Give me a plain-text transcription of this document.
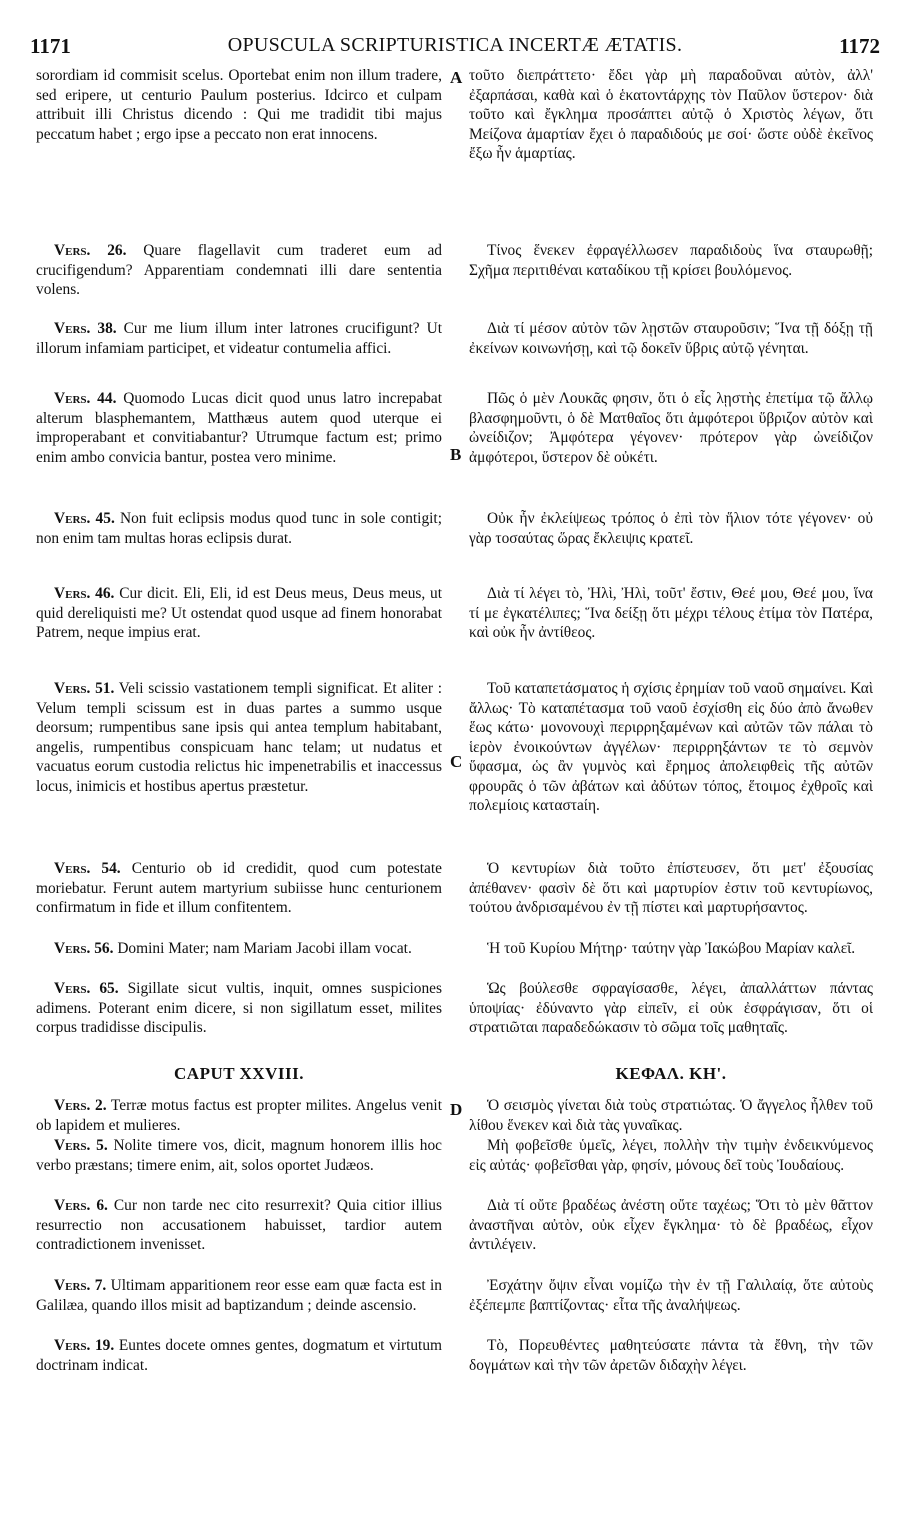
1171	OPUSCULA SCRIPTURISTICA INCERTÆ ÆTATIS.	1172
A
B
C
D

sorordiam id commisit scelus. Oportebat enim non illum tradere, sed eripere, ut centurio Paulum posterius. Idcirco et culpam attribuit illi Christus dicendo : Qui me tradidit tibi majus peccatum habet ; ergo ipse a peccato non erat innocens.

Vers. 26. Quare flagellavit cum traderet eum ad crucifigendum? Apparentiam condemnati illi dare sententia volens.

Vers. 38. Cur me lium illum inter latrones crucifigunt? Ut illorum infamiam participet, et videatur contumelia affici.

Vers. 44. Quomodo Lucas dicit quod unus latro increpabat alterum blasphemantem, Matthæus autem quod uterque ei improperabant et convitiabantur? Utrumque factum est; primo enim ambo convicia bantur, postea vero minime.

Vers. 45. Non fuit eclipsis modus quod tunc in sole contigit; non enim tam multas horas eclipsis durat.

Vers. 46. Cur dicit. Eli, Eli, id est Deus meus, Deus meus, ut quid dereliquisti me? Ut ostendat quod usque ad finem honorabat Patrem, neque impius erat.

Vers. 51. Veli scissio vastationem templi significat. Et aliter : Velum templi scissum est in duas partes a summo usque deorsum; rumpentibus sane ipsis qui antea templum habitabant, angelis, rumpentibus conspicuam hanc telam; ut nudatus et vacuatus eorum custodia relictus hic impenetrabilis et inaccessus locus, inimicis et hostibus apertus præstetur.

Vers. 54. Centurio ob id credidit, quod cum potestate moriebatur. Ferunt autem martyrium subiisse hunc centurionem confirmatum in fide et illum confitentem.

Vers. 56. Domini Mater; nam Mariam Jacobi illam vocat.

Vers. 65. Sigillate sicut vultis, inquit, omnes suspiciones adimens. Poterant enim dicere, si non sigillatum esset, milites corpus tradidisse discipulis.

CAPUT XXVIII.

Vers. 2. Terræ motus factus est propter milites. Angelus venit ob lapidem et mulieres.

Vers. 5. Nolite timere vos, dicit, magnum honorem illis hoc verbo præstans; timere enim, ait, solos oportet Judæos.

Vers. 6. Cur non tarde nec cito resurrexit? Quia citior illius resurrectio non accusationem habuisset, tardior autem contradictionem invenisset.

Vers. 7. Ultimam apparitionem reor esse eam quæ facta est in Galilæa, quando illos misit ad baptizandum ; deinde ascensio.

Vers. 19. Euntes docete omnes gentes, dogmatum et virtutum doctrinam indicat.

τοῦτο διεπράττετο· ἔδει γὰρ μὴ παραδοῦναι αὐτὸν, ἀλλ' ἐξαρπάσαι, καθὰ καὶ ὁ ἑκατοντάρχης τὸν Παῦλον ὕστερον· διὰ τοῦτο καὶ ἔγκλημα προσάπτει αὐτῷ ὁ Χριστὸς λέγων, ὅτι Μείζονα ἁμαρτίαν ἔχει ὁ παραδιδούς με σοί· ὥστε οὐδὲ ἐκεῖνος ἔξω ἦν ἁμαρτίας.

Τίνος ἕνεκεν ἐφραγέλλωσεν παραδιδοὺς ἵνα σταυρωθῇ; Σχῆμα περιτιθέναι καταδίκου τῇ κρίσει βουλόμενος.

Διὰ τί μέσον αὐτὸν τῶν λῃστῶν σταυροῦσιν; Ἵνα τῇ δόξῃ τῇ ἐκείνων κοινωνήσῃ, καὶ τῷ δοκεῖν ὕβρις αὐτῷ γένηται.

Πῶς ὁ μὲν Λουκᾶς φησιν, ὅτι ὁ εἷς λῃστὴς ἐπετίμα τῷ ἄλλῳ βλασφημοῦντι, ὁ δὲ Ματθαῖος ὅτι ἀμφότεροι ὕβριζον αὐτὸν καὶ ὠνείδιζον; Ἀμφότερα γέγονεν· πρότερον γὰρ ὠνείδιζον ἀμφότεροι, ὕστερον δὲ οὐκέτι.

Οὐκ ἦν ἐκλείψεως τρόπος ὁ ἐπὶ τὸν ἥλιον τότε γέγονεν· οὐ γὰρ τοσαύτας ὥρας ἔκλειψις κρατεῖ.

Διὰ τί λέγει τὸ, Ἠλὶ, Ἠλὶ, τοῦτ' ἔστιν, Θεέ μου, Θεέ μου, ἵνα τί με ἐγκατέλιπες; Ἵνα δείξῃ ὅτι μέχρι τέλους ἐτίμα τὸν Πατέρα, καὶ οὐκ ἦν ἀντίθεος.

Τοῦ καταπετάσματος ἡ σχίσις ἐρημίαν τοῦ ναοῦ σημαίνει. Καὶ ἄλλως· Τὸ καταπέτασμα τοῦ ναοῦ ἐσχίσθη εἰς δύο ἀπὸ ἄνωθεν ἕως κάτω· μονονουχὶ περιρρηξαμένων καὶ αὐτῶν τῶν πάλαι τὸ ἱερὸν ἐνοικούντων ἀγγέλων· περιρρηξάντων τε τὸ σεμνὸν ὕφασμα, ὡς ἂν γυμνὸς καὶ ἔρημος ἀπολειφθεὶς τῆς αὐτῶν φρουρᾶς ὁ τῶν ἀβάτων καὶ ἀδύτων τόπος, ἕτοιμος ἐχθροῖς καὶ πολεμίοις καταστaίη.

Ὁ κεντυρίων διὰ τοῦτο ἐπίστευσεν, ὅτι μετ' ἐξουσίας ἀπέθανεν· φασὶν δὲ ὅτι καὶ μαρτυρίον ἐστιν τοῦ κεντυρίωνος, τούτου ἀνδρισαμένου ἐν τῇ πίστει καὶ μαρτυρήσαντος.

Ἡ τοῦ Κυρίου Μήτηρ· ταύτην γὰρ Ἰακώβου Μαρίαν καλεῖ.

Ὡς βούλεσθε σφραγίσασθε, λέγει, ἀπαλλάττων πάντας ὑποψίας· ἐδύναντο γὰρ εἰπεῖν, εἰ οὐκ ἐσφράγισαν, ὅτι οἱ στρατιῶται παραδεδώκασιν τὸ σῶμα τοῖς μαθηταῖς.

ΚΕΦΑΛ. ΚΗ'.

Ὁ σεισμὸς γίνεται διὰ τοὺς στρατιώτας. Ὁ ἄγγελος ἦλθεν τοῦ λίθου ἕνεκεν καὶ διὰ τὰς γυναῖκας.

Μὴ φοβεῖσθε ὑμεῖς, λέγει, πολλὴν τὴν τιμὴν ἐνδεικνύμενος εἰς αὐτάς· φοβεῖσθαι γὰρ, φησίν, μόνους δεῖ τοὺς Ἰουδαίους.

Διὰ τί οὔτε βραδέως ἀνέστη οὔτε ταχέως; Ὅτι τὸ μὲν θᾶττον ἀναστῆναι αὐτὸν, οὐκ εἶχεν ἔγκλημα· τὸ δὲ βραδέως, εἶχον ἀντιλέγειν.

Ἐσχάτην ὄψιν εἶναι νομίζω τὴν ἐν τῇ Γαλιλαίᾳ, ὅτε αὐτοὺς ἐξέπεμπε βαπτίζοντας· εἶτα τῆς ἀναλήψεως.

Τὸ, Πορευθέντες μαθητεύσατε πάντα τὰ ἔθνη, τὴν τῶν δογμάτων καὶ τὴν τῶν ἀρετῶν διδαχὴν λέγει.
